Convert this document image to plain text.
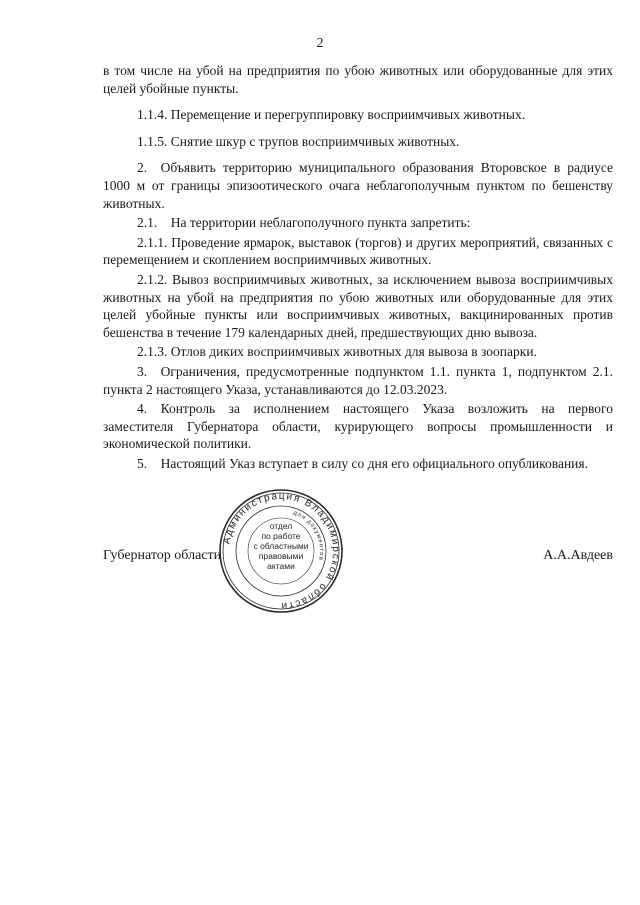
2

в том числе на убой на предприятия по убою животных или оборудованные для этих целей убойные пункты.

1.1.4. Перемещение и перегруппировку восприимчивых животных.

1.1.5. Снятие шкур с трупов восприимчивых животных.

2. Объявить территорию муниципального образования Второвское в радиусе 1000 м от границы эпизоотического очага неблагополучным пунктом по бешенству животных.

2.1. На территории неблагополучного пункта запретить:

2.1.1. Проведение ярмарок, выставок (торгов) и других мероприятий, связанных с перемещением и скоплением восприимчивых животных.

2.1.2. Вывоз восприимчивых животных, за исключением вывоза восприимчивых животных на убой на предприятия по убою животных или оборудованные для этих целей убойные пункты или восприимчивых животных, вакцинированных против бешенства в течение 179 календарных дней, предшествующих дню вывоза.

2.1.3. Отлов диких восприимчивых животных для вывоза в зоопарки.

3. Ограничения, предусмотренные подпунктом 1.1. пункта 1, подпунктом 2.1. пункта 2 настоящего Указа, устанавливаются до 12.03.2023.

4. Контроль за исполнением настоящего Указа возложить на первого заместителя Губернатора области, курирующего вопросы промышленности и экономической политики.

5. Настоящий Указ вступает в силу со дня его официального опубликования.

Губернатор области	А.А.Авдеев
Администрация Владимирской области
для документов
отдел
по работе
с областными
правовыми
актами
